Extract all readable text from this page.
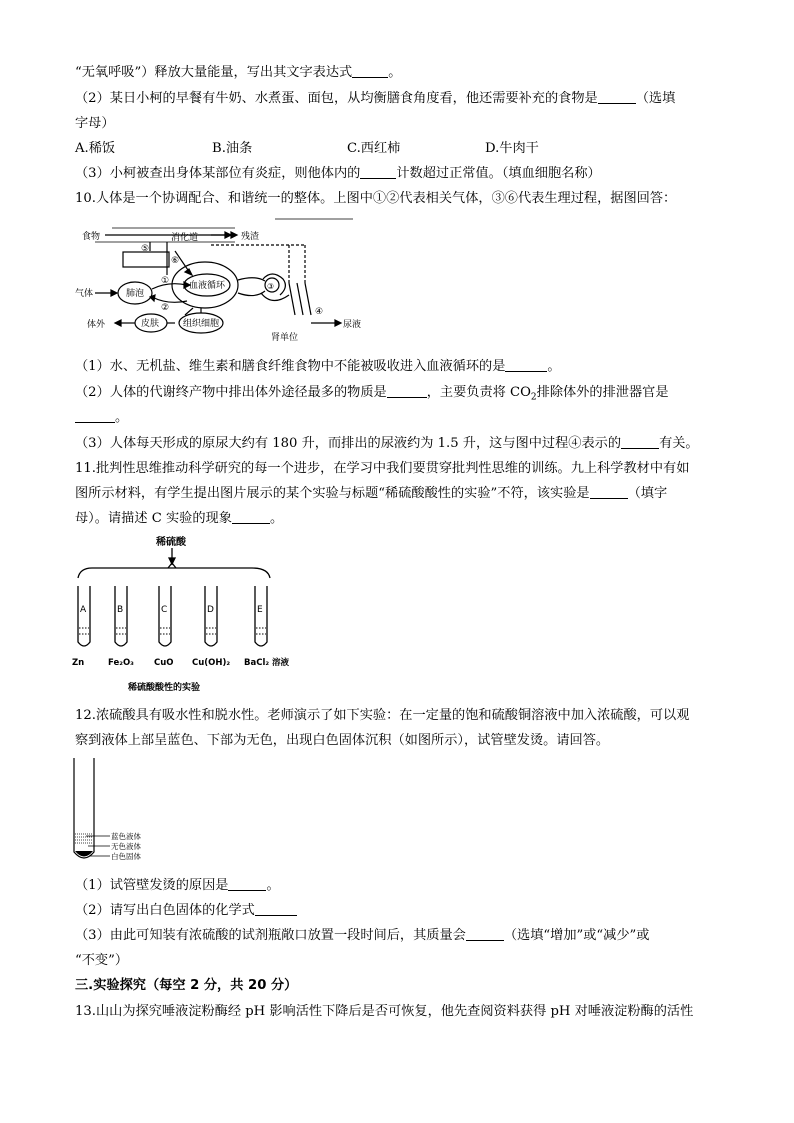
“无氧呼吸”）释放大量能量，写出其文字表达式	。
（2）某日小柯的早餐有牛奶、水煮蛋、面包，从均衡膳食角度看，他还需要补充的食物是	（选填
字母）
A.稀饭	B.油条	C.西红柿	D.牛肉干
（3）小柯被查出身体某部位有炎症，则他体内的	计数超过正常值。（填血细胞名称）
10.人体是一个协调配合、和谐统一的整体。上图中①②代表相关气体，③⑥代表生理过程，据图回答：
食物	消化道	残渣
⑤
⑥
气体	肺泡
①
②
血液循环	③
④
尿液
体外	皮肤	组织细胞
肾单位
（1）水、无机盐、维生素和膳食纤维食物中不能被吸收进入血液循环的是	。
（2）人体的代谢终产物中排出体外途径最多的物质是	，主要负责将 $CO_2$排除体外的排泄器官是
。
（3）人体每天形成的原尿大约有 180 升，而排出的尿液约为 1.5 升，这与图中过程④表示的	有关。
11.批判性思维推动科学研究的每一个进步，在学习中我们要贯穿批判性思维的训练。九上科学教材中有如
图所示材料，有学生提出图片展示的某个实验与标题“稀硫酸酸性的实验”不符，该实验是	（填字
母）。请描述 C 实验的现象	。
稀硫酸
A	B	C	D	E
Zn	Fe₂O₃ CuO Cu(OH)₂ BaCl₂ 溶液
稀硫酸酸性的实验
12.浓硫酸具有吸水性和脱水性。老师演示了如下实验：在一定量的饱和硫酸铜溶液中加入浓硫酸，可以观
察到液体上部呈蓝色、下部为无色，出现白色固体沉积（如图所示），试管壁发烫。请回答。
蓝色液体
无色液体
白色固体
（1）试管壁发烫的原因是	。
（2）请写出白色固体的化学式
（3）由此可知装有浓硫酸的试剂瓶敞口放置一段时间后，其质量会	（选填“增加”或“减少”或
“不变”）
三.实验探究（每空 2 分，共 20 分）
13.山山为探究唾液淀粉酶经 pH 影响活性下降后是否可恢复，他先查阅资料获得 pH 对唾液淀粉酶的活性
